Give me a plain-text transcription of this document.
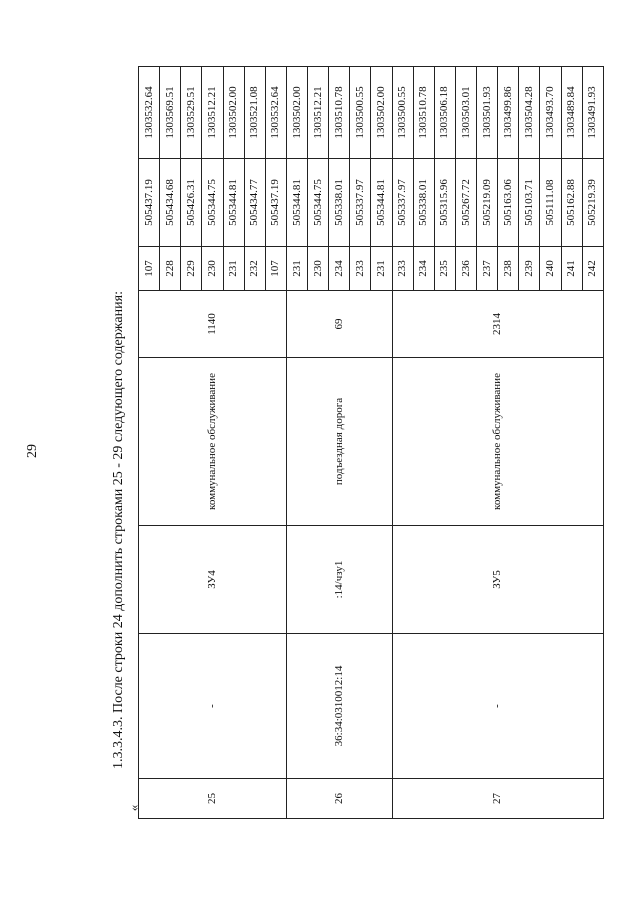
29	1.3.3.4.3. После строки 24 дополнить строками 25 - 29 следующего содержания:
«
25	-	ЗУ4	коммунальное обслуживание	1140	107	505437.19	1303532.64
					228	505434.68	1303569.51
					229	505426.31	1303529.51
					230	505344.75	1303512.21
					231	505344.81	1303502.00
					232	505434.77	1303521.08
					107	505437.19	1303532.64
26	36:34:0310012:14	:14/чзу1	подъездная дорога	69	231	505344.81	1303502.00
					230	505344.75	1303512.21
					234	505338.01	1303510.78
					233	505337.97	1303500.55
					231	505344.81	1303502.00
27	-	ЗУ5	коммунальное обслуживание	2314	233	505337.97	1303500.55
					234	505338.01	1303510.78
					235	505315.96	1303506.18
					236	505267.72	1303503.01
					237	505219.09	1303501.93
					238	505163.06	1303499.86
					239	505103.71	1303504.28
					240	505111.08	1303493.70
					241	505162.88	1303489.84
					242	505219.39	1303491.93
